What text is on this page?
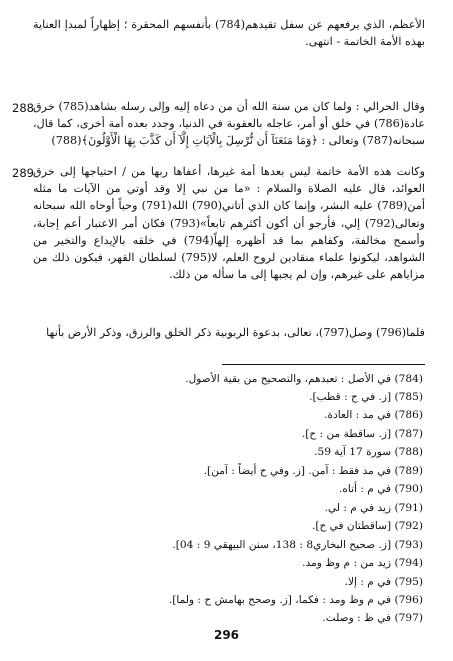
الأعظم، الذي يرفعهم عن سفل تقيدهم(784) بأنفسهم المحقرة ؛ إظهاراً لمبدإ العناية بهذه الأمة الخاتمة - انتهى.
288 وقال الحرالي : ولما كان من سنة الله أن من دعاه إليه وإلى رسله بشاهد(785) خرق عادة(786) في خلق أو أمر، عاجله بالعقوبة في الدنيا، وجدد بعده أمة أخرى، كما قال، سبحانه(787) وتعالى : ﴿وَمَا مَنَعَنَآ أَن نُّرْسِلَ بِالْآيَاتِ إِلَّآ أَن كَذَّبَ بِهَا الْأَوَّلُونَ﴾(788)
289 وكانت هذه الأمة خاتمة ليس بعدها أمة غيرها، أعفاها ربها من / احتياجها إلى خرق العوائد، قال عليه الصلاة والسلام : «ما من نبي إلا وقد أوتي من الآيات ما مثله أمن(789) عليه البشر، وإنما كان الذي أتاني(790) الله(791) وحياً أوحاه الله سبحانه وتعالى(792) إلي، فأرجو أن أكون أكثرهم تابعاً»(793) فكان أمر الاعتبار أعم إجابة، وأسمح مخالفة، وكفاهم بما قد أظهره إلهاً(794) في خلقه بالإيداع والتخير من الشواهد، ليكونوا علماء منقادين لروح العلم، لا(795) لسلطان القهر، فيكون ذلك من مزاياهم على غيرهم، وإن لم يجبها إلى ما سأله من ذلك.
فلما(796) وصل(797)، تعالى، بدعوة الربوبية ذكر الخلق والرزق، وذكر الأرض بأنها
(784) في الأصل : تعبدهم، والتصحيح من بقية الأصول.
(785) [ز. في ح : قطب].
(786) في مد : العادة.
(787) [ز. ساقطة من : ح].
(788) سورة 17 آية 59.
(789) في مد فقط : آمن. [ز. وفي ح أيضاً : آمن].
(790) في م : أتاه.
(791) زيد في م : لي.
(792) [ساقطتان في ح].
(793) [ز. صحيح البخاري8 : 138، سنن البيهقي 9 : 04].
(794) زيد من : م وظ ومد.
(795) في م : إلا.
(796) في م وظ ومد : فكما، [ز. وصحح بهامش ح : ولما].
(797) في ظ : وصلت.
296
